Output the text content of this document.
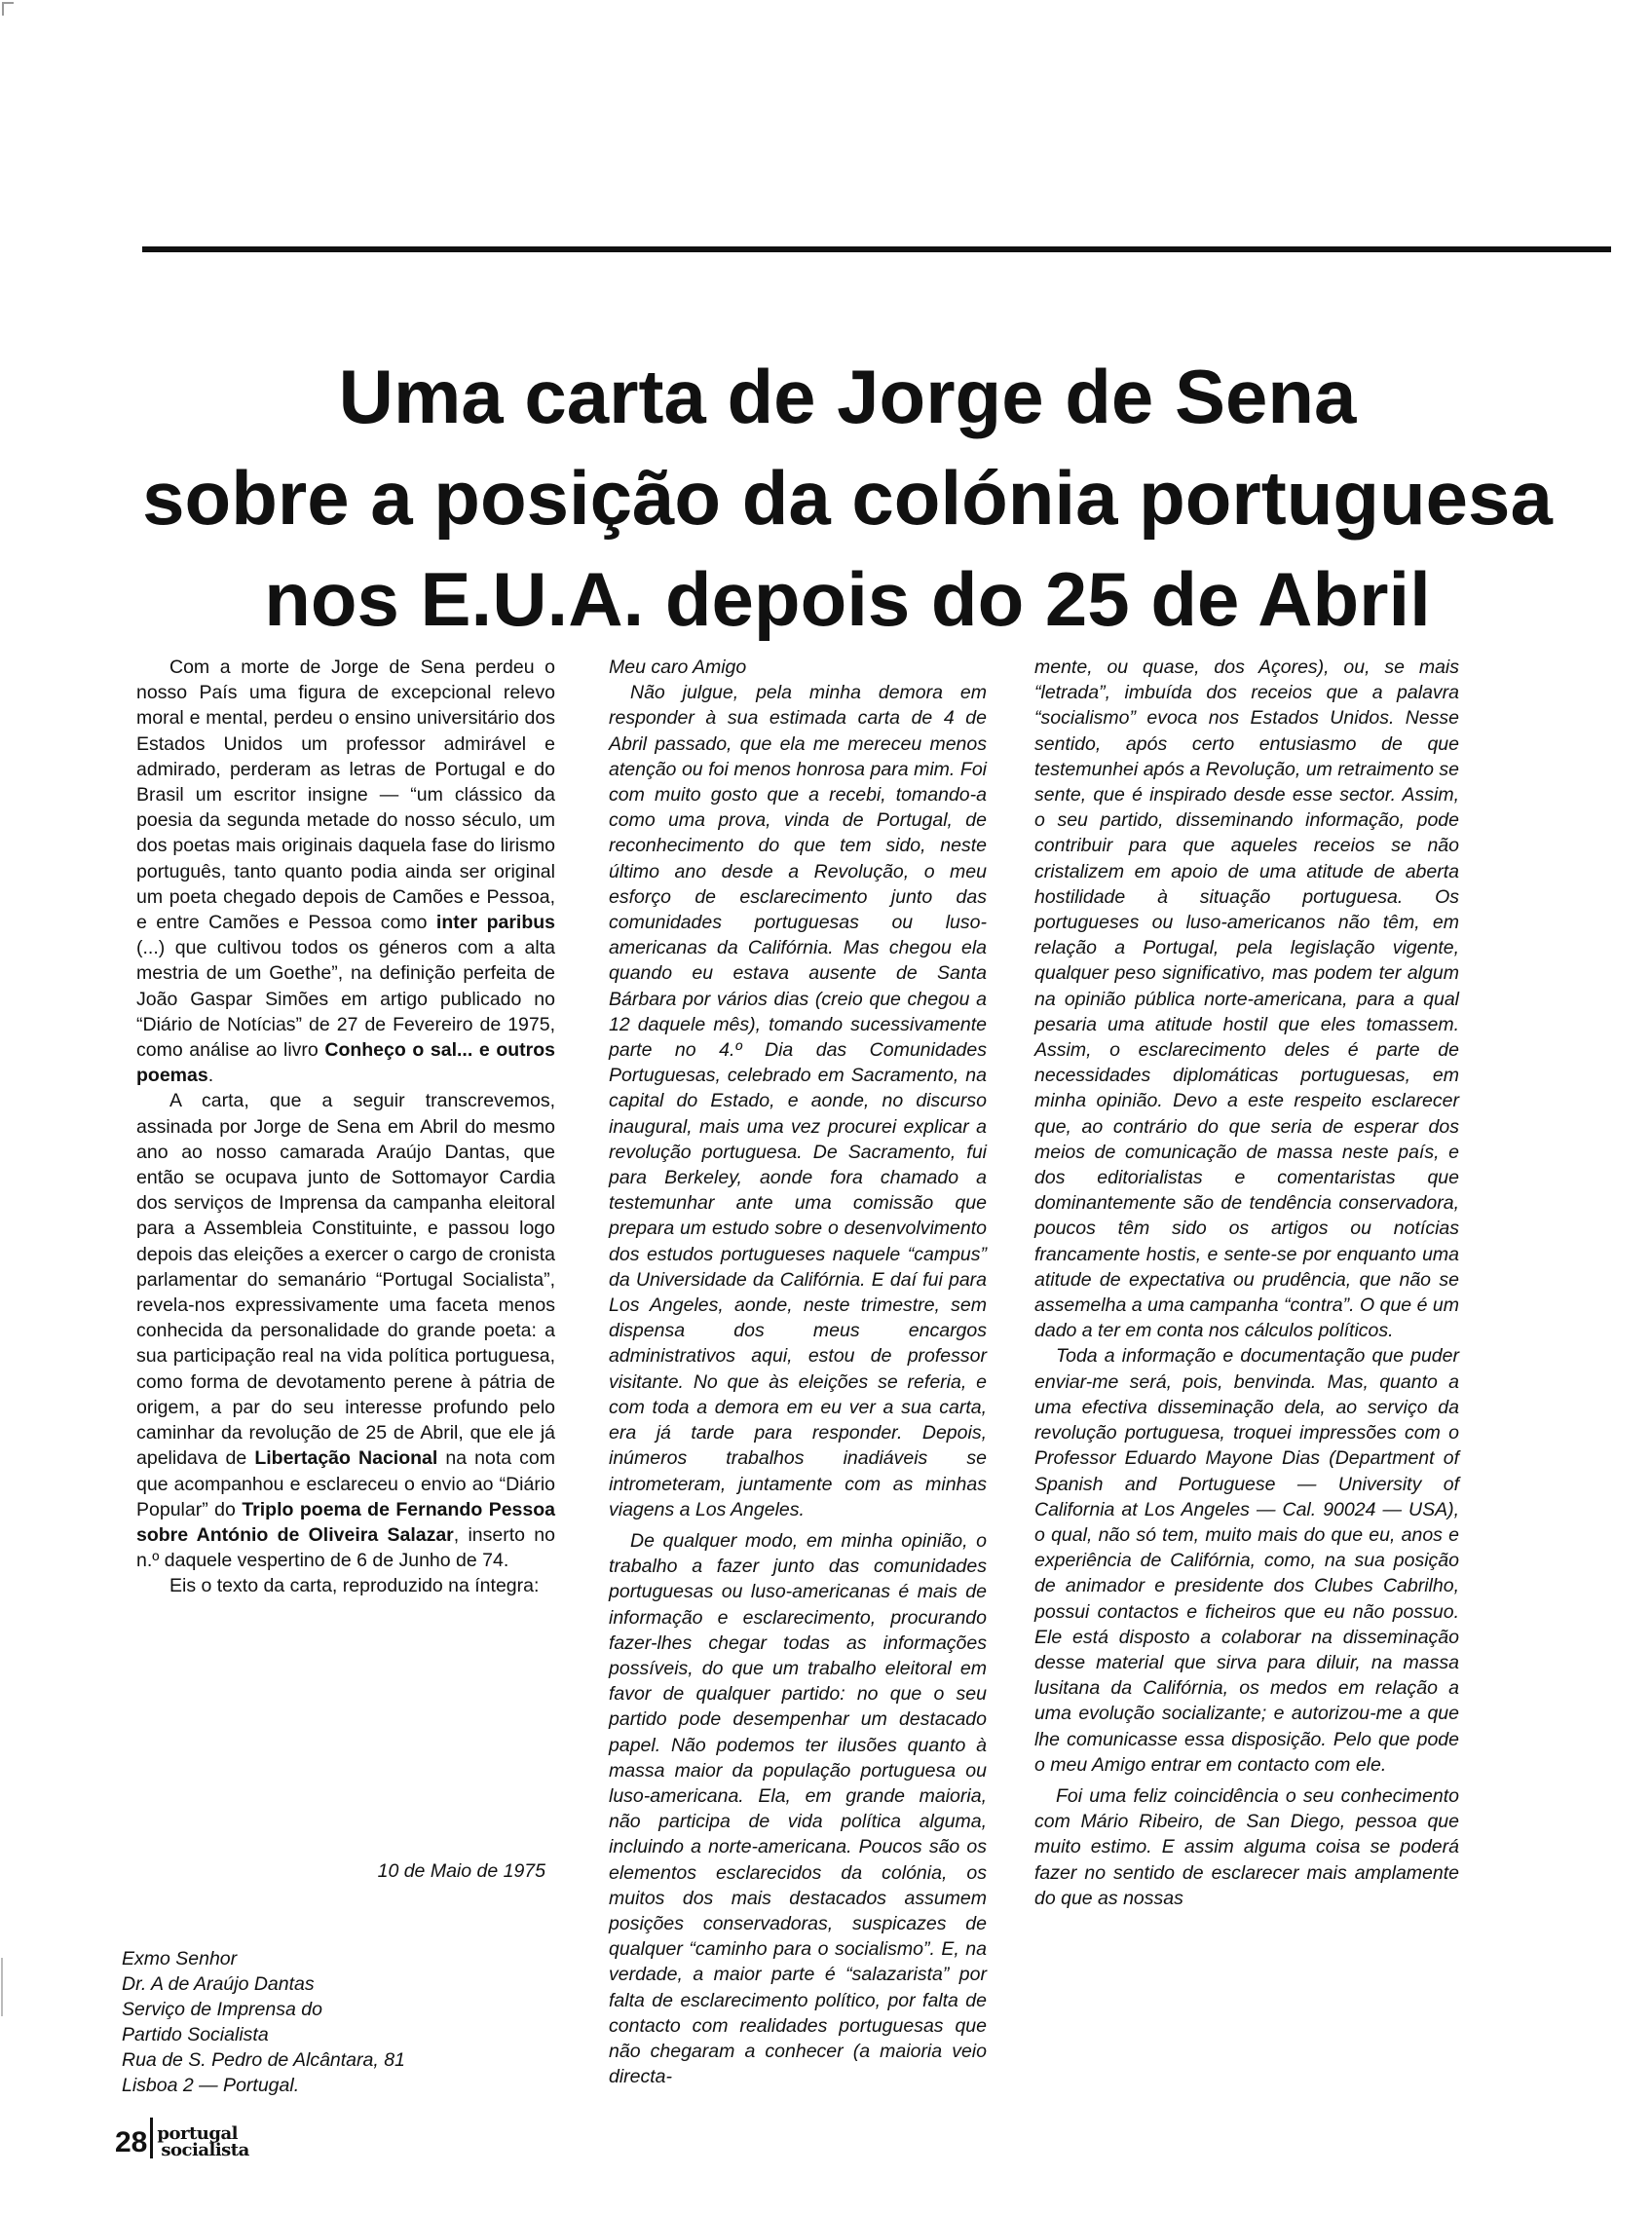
Uma carta de Jorge de Sena
sobre a posição da colónia portuguesa
nos E.U.A. depois do 25 de Abril

Com a morte de Jorge de Sena perdeu o nosso País uma figura de excepcional relevo moral e mental, perdeu o ensino universitário dos Estados Unidos um professor admirável e admirado, perderam as letras de Portugal e do Brasil um escritor insigne — “um clássico da poesia da segunda metade do nosso século, um dos poetas mais originais daquela fase do lirismo português, tanto quanto podia ainda ser original um poeta chegado depois de Camões e Pessoa, e entre Camões e Pessoa como inter paribus (...) que cultivou todos os géneros com a alta mestria de um Goethe”, na definição perfeita de João Gaspar Simões em artigo publicado no “Diário de Notícias” de 27 de Fevereiro de 1975, como análise ao livro Conheço o sal... e outros poemas.

A carta, que a seguir transcrevemos, assinada por Jorge de Sena em Abril do mesmo ano ao nosso camarada Araújo Dantas, que então se ocupava junto de Sottomayor Cardia dos serviços de Imprensa da campanha eleitoral para a Assembleia Constituinte, e passou logo depois das eleições a exercer o cargo de cronista parlamentar do semanário “Portugal Socialista”, revela-nos expressivamente uma faceta menos conhecida da personalidade do grande poeta: a sua participação real na vida política portuguesa, como forma de devotamento perene à pátria de origem, a par do seu interesse profundo pelo caminhar da revolução de 25 de Abril, que ele já apelidava de Libertação Nacional na nota com que acompanhou e esclareceu o envio ao “Diário Popular” do Triplo poema de Fernando Pessoa sobre António de Oliveira Salazar, inserto no n.º daquele vespertino de 6 de Junho de 74.

Eis o texto da carta, reproduzido na íntegra:

10 de Maio de 1975
Exmo Senhor
Dr. A de Araújo Dantas
Serviço de Imprensa do
Partido Socialista
Rua de S. Pedro de Alcântara, 81
Lisboa 2 — Portugal.

Meu caro Amigo

Não julgue, pela minha demora em responder à sua estimada carta de 4 de Abril passado, que ela me mereceu menos atenção ou foi menos honrosa para mim. Foi com muito gosto que a recebi, tomando-a como uma prova, vinda de Portugal, de reconhecimento do que tem sido, neste último ano desde a Revolução, o meu esforço de esclarecimento junto das comunidades portuguesas ou luso-americanas da Califórnia. Mas chegou ela quando eu estava ausente de Santa Bárbara por vários dias (creio que chegou a 12 daquele mês), tomando sucessivamente parte no 4.º Dia das Comunidades Portuguesas, celebrado em Sacramento, na capital do Estado, e aonde, no discurso inaugural, mais uma vez procurei explicar a revolução portuguesa. De Sacramento, fui para Berkeley, aonde fora chamado a testemunhar ante uma comissão que prepara um estudo sobre o desenvolvimento dos estudos portugueses naquele “campus” da Universidade da Califórnia. E daí fui para Los Angeles, aonde, neste trimestre, sem dispensa dos meus encargos administrativos aqui, estou de professor visitante. No que às eleições se referia, e com toda a demora em eu ver a sua carta, era já tarde para responder. Depois, inúmeros trabalhos inadiáveis se intrometeram, juntamente com as minhas viagens a Los Angeles.

De qualquer modo, em minha opinião, o trabalho a fazer junto das comunidades portuguesas ou luso-americanas é mais de informação e esclarecimento, procurando fazer-lhes chegar todas as informações possíveis, do que um trabalho eleitoral em favor de qualquer partido: no que o seu partido pode desempenhar um destacado papel. Não podemos ter ilusões quanto à massa maior da população portuguesa ou luso-americana. Ela, em grande maioria, não participa de vida política alguma, incluindo a norte-americana. Poucos são os elementos esclarecidos da colónia, os muitos dos mais destacados assumem posições conservadoras, suspicazes de qualquer “caminho para o socialismo”. E, na verdade, a maior parte é “salazarista” por falta de esclarecimento político, por falta de contacto com realidades portuguesas que não chegaram a conhecer (a maioria veio directa-

mente, ou quase, dos Açores), ou, se mais “letrada”, imbuída dos receios que a palavra “socialismo” evoca nos Estados Unidos. Nesse sentido, após certo entusiasmo de que testemunhei após a Revolução, um retraimento se sente, que é inspirado desde esse sector. Assim, o seu partido, disseminando informação, pode contribuir para que aqueles receios se não cristalizem em apoio de uma atitude de aberta hostilidade à situação portuguesa. Os portugueses ou luso-americanos não têm, em relação a Portugal, pela legislação vigente, qualquer peso significativo, mas podem ter algum na opinião pública norte-americana, para a qual pesaria uma atitude hostil que eles tomassem. Assim, o esclarecimento deles é parte de necessidades diplomáticas portuguesas, em minha opinião. Devo a este respeito esclarecer que, ao contrário do que seria de esperar dos meios de comunicação de massa neste país, e dos editorialistas e comentaristas que dominantemente são de tendência conservadora, poucos têm sido os artigos ou notícias francamente hostis, e sente-se por enquanto uma atitude de expectativa ou prudência, que não se assemelha a uma campanha “contra”. O que é um dado a ter em conta nos cálculos políticos.

Toda a informação e documentação que puder enviar-me será, pois, benvinda. Mas, quanto a uma efectiva disseminação dela, ao serviço da revolução portuguesa, troquei impressões com o Professor Eduardo Mayone Dias (Department of Spanish and Portuguese — University of California at Los Angeles — Cal. 90024 — USA), o qual, não só tem, muito mais do que eu, anos e experiência de Califórnia, como, na sua posição de animador e presidente dos Clubes Cabrilho, possui contactos e ficheiros que eu não possuo. Ele está disposto a colaborar na disseminação desse material que sirva para diluir, na massa lusitana da Califórnia, os medos em relação a uma evolução socializante; e autorizou-me a que lhe comunicasse essa disposição. Pelo que pode o meu Amigo entrar em contacto com ele.

Foi uma feliz coincidência o seu conhecimento com Mário Ribeiro, de San Diego, pessoa que muito estimo. E assim alguma coisa se poderá fazer no sentido de esclarecer mais amplamente do que as nossas

28 portugal
socialista
